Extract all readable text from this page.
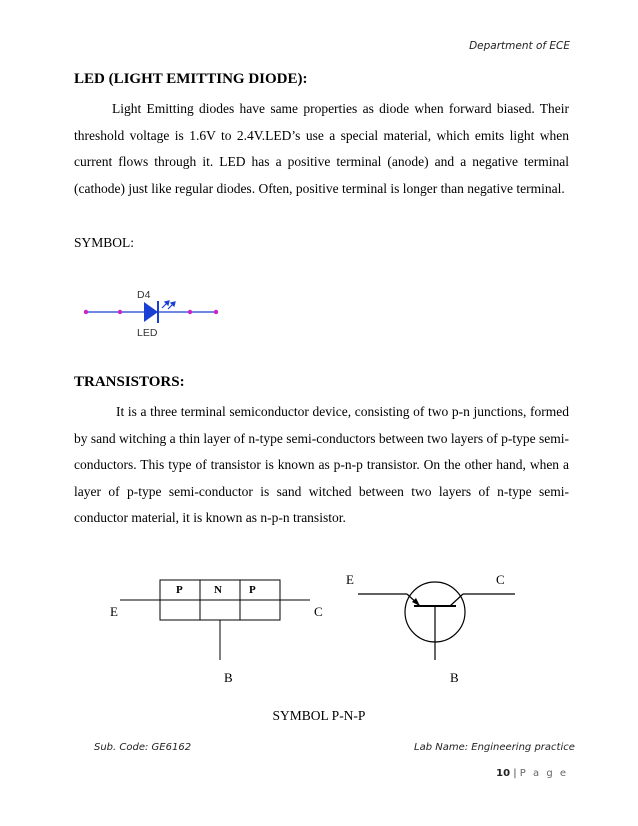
Department of ECE
LED (LIGHT EMITTING DIODE):

Light Emitting diodes have same properties as diode when forward biased. Their threshold voltage is 1.6V to 2.4V.LED’s use a special material, which emits light when current flows through it. LED has a positive terminal (anode) and a negative terminal (cathode) just like regular diodes. Often, positive terminal is longer than negative terminal.

SYMBOL:
D4
LED
TRANSISTORS:

It is a three terminal semiconductor device, consisting of two p-n junctions, formed by sand witching a thin layer of n-type semi-conductors between two layers of p-type semi-conductors. This type of transistor is known as p-n-p transistor. On the other hand, when a layer of p-type semi-conductor is sand witched between two layers of n-type semi-conductor material, it is known as n-p-n transistor.

P	N P
E	C
B
E	C
B
SYMBOL P-N-P
Sub. Code: GE6162	Lab Name: Engineering practice
10 | P a g e
